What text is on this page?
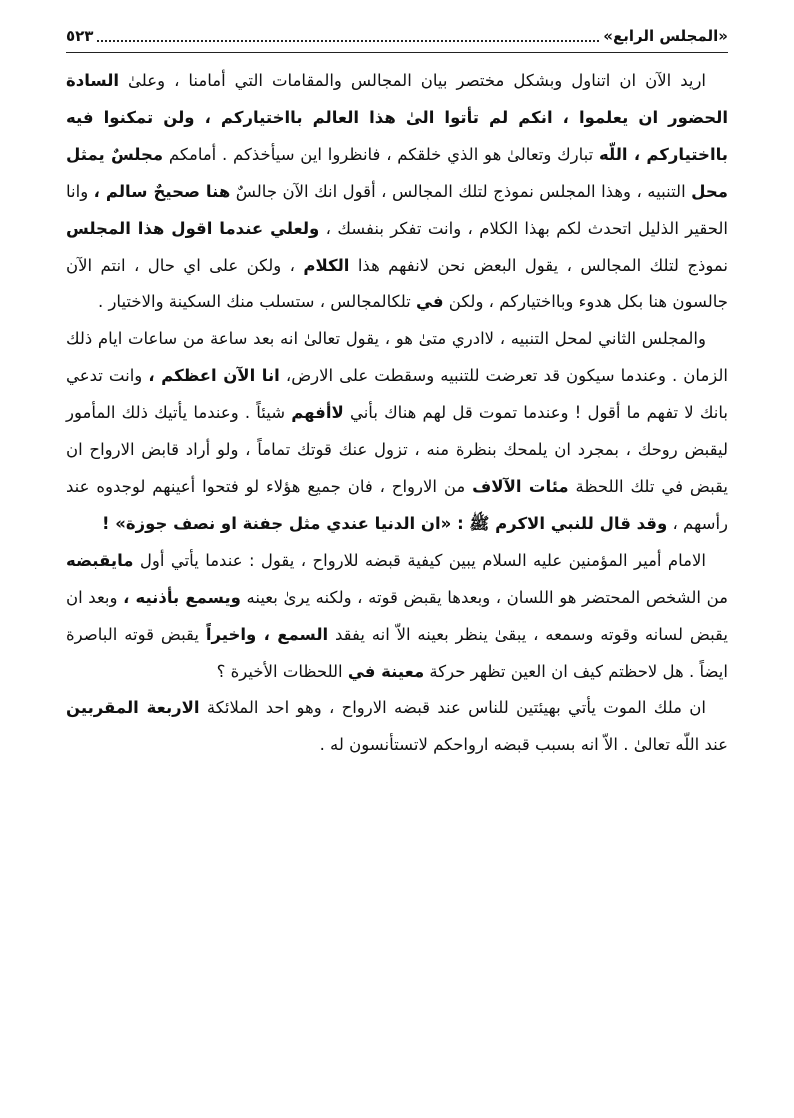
«المجلس الرابع»
٥٢٣

اريد الآن ان اتناول وبشكل مختصر بيان المجالس والمقامات التي أمامنا ، وعلىٰ السادة الحضور ان يعلموا ، انكم لم تأتوا الىٰ هذا العالم بااختياركم ، ولن تمكنوا فيه بااختياركم ، اللّه تبارك وتعالىٰ هو الذي خلقكم ، فانظروا اين سيأخذكم . أمامكم مجلسٌ يمثل محل التنبيه ، وهذا المجلس نموذج لتلك المجالس ، أقول انك الآن جالسٌ هنا صحيحٌ سالم ، وانا الحقير الذليل اتحدث لكم بهذا الكلام ، وانت تفكر بنفسك ، ولعلي عندما اقول هذا المجلس نموذج لتلك المجالس ، يقول البعض نحن لانفهم هذا الكلام ، ولكن على اي حال ، انتم الآن جالسون هنا بكل هدوء وبااختياركم ، ولكن في تلكالمجالس ، ستسلب منك السكينة والاختيار .

والمجلس الثاني لمحل التنبيه ، لاادري متىٰ هو ، يقول تعالىٰ انه بعد ساعة من ساعات ايام ذلك الزمان . وعندما سيكون قد تعرضت للتنبيه وسقطت على الارض، انا الآن اعظكم ، وانت تدعي بانك لا تفهم ما أقول ! وعندما تموت قل لهم هناك بأني لاأفهم شيئاً . وعندما يأتيك ذلك المأمور ليقبض روحك ، بمجرد ان يلمحك بنظرة منه ، تزول عنك قوتك تماماً ، ولو أراد قابض الارواح ان يقبض في تلك اللحظة مئات الآلاف من الارواح ، فان جميع هؤلاء لو فتحوا أعينهم لوجدوه عند رأسهم ، وقد قال للنبي الاكرم ﷺ : «ان الدنيا عندي مثل جفنة او نصف جوزة» !

الامام أمير المؤمنين عليه السلام يبين كيفية قبضه للارواح ، يقول : عندما يأتي أول مايقبضه من الشخص المحتضر هو اللسان ، وبعدها يقبض قوته ، ولكنه يرىٰ بعينه ويسمع بأذنيه ، وبعد ان يقبض لسانه وقوته وسمعه ، يبقىٰ ينظر بعينه الاّ انه يفقد السمع ، واخيراً يقبض قوته الباصرة ايضاً . هل لاحظتم كيف ان العين تظهر حركة معينة في اللحظات الأخيرة ؟

ان ملك الموت يأتي بهيئتين للناس عند قبضه الارواح ، وهو احد الملائكة الاربعة المقربين عند اللّه تعالىٰ . الاّ انه بسبب قبضه ارواحكم لاتستأنسون له .
